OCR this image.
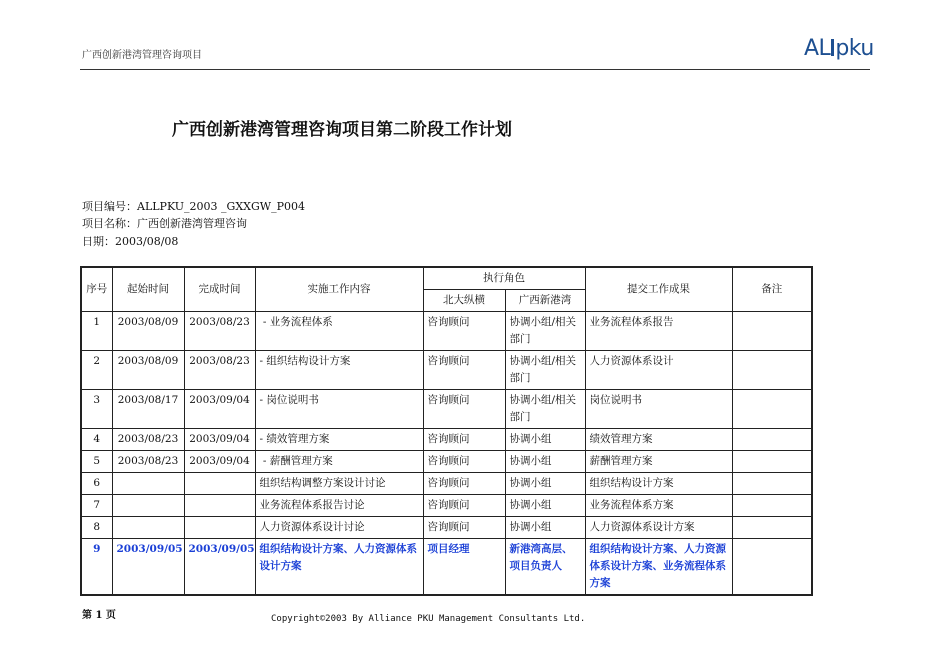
广西创新港湾管理咨询项目	AL pku
广西创新港湾管理咨询项目第二阶段工作计划
项目编号：ALLPKU_2003 _GXXGW_P004
项目名称：广西创新港湾管理咨询
日期：2003/08/08
序号	起始时间	完成时间	实施工作内容	执行角色		提交工作成果	备注
				北大纵横	广西新港湾		
1	2003/08/09	2003/08/23	- 业务流程体系	咨询顾问	协调小组/相关部门	业务流程体系报告	
2	2003/08/09	2003/08/23	- 组织结构设计方案	咨询顾问	协调小组/相关部门	人力资源体系设计	
3	2003/08/17	2003/09/04	- 岗位说明书	咨询顾问	协调小组/相关部门	岗位说明书	
4	2003/08/23	2003/09/04	- 绩效管理方案	咨询顾问	协调小组	绩效管理方案	
5	2003/08/23	2003/09/04	- 薪酬管理方案	咨询顾问	协调小组	薪酬管理方案	
6			组织结构调整方案设计讨论	咨询顾问	协调小组	组织结构设计方案	
7			业务流程体系报告讨论	咨询顾问	协调小组	业务流程体系方案	
8			人力资源体系设计讨论	咨询顾问	协调小组	人力资源体系设计方案	
9	2003/09/05	2003/09/05	组织结构设计方案、人力资源体系设计方案	项目经理	新港湾高层、项目负责人	组织结构设计方案、人力资源体系设计方案、业务流程体系方案	
第 1 页	Copyright©2003 By Alliance PKU Management Consultants Ltd.
